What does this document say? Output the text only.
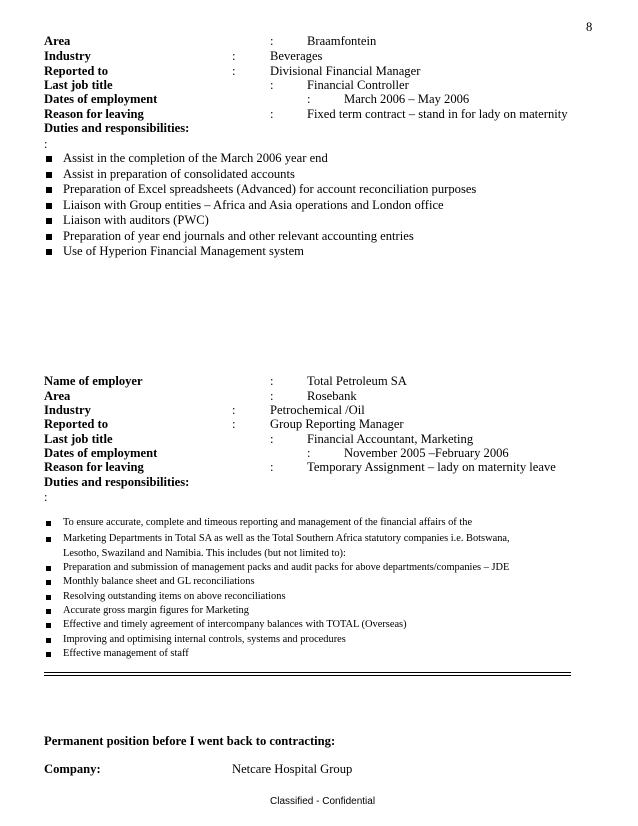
8
Area	:	Braamfontein
Industry	:	Beverages
Reported to	:	Divisional Financial Manager
Last job title	:	Financial Controller
Dates of employment	:	March 2006 – May 2006
Reason for leaving	:	Fixed term contract – stand in for lady on maternity
Duties and responsibilities:
:
Assist in the completion of the March 2006 year end
Assist in preparation of consolidated accounts
Preparation of Excel spreadsheets (Advanced) for account reconciliation purposes
Liaison with Group entities – Africa and Asia operations and London office
Liaison with auditors (PWC)
Preparation of year end journals and other relevant accounting entries
Use of Hyperion Financial Management system
Name of employer	:	Total Petroleum SA
Area	:	Rosebank
Industry	:	Petrochemical /Oil
Reported to	:	Group Reporting Manager
Last job title	:	Financial Accountant, Marketing
Dates of employment	:	November 2005 –February 2006
Reason for leaving	:	Temporary Assignment – lady on maternity leave
Duties and responsibilities:
:
To ensure accurate, complete and timeous reporting and management of the financial affairs of the
Marketing Departments in Total SA as well as the Total Southern Africa statutory companies i.e. Botswana,
Lesotho, Swaziland and Namibia. This includes (but not limited to):
Preparation and submission of management packs and audit packs for above departments/companies – JDE
Monthly balance sheet and GL reconciliations
Resolving outstanding items on above reconciliations
Accurate gross margin figures for Marketing
Effective and timely agreement of intercompany balances with TOTAL (Overseas)
Improving and optimising internal controls, systems and procedures
Effective management of staff
Permanent position before I went back to contracting:
Company:	Netcare Hospital Group
Classified - Confidential
